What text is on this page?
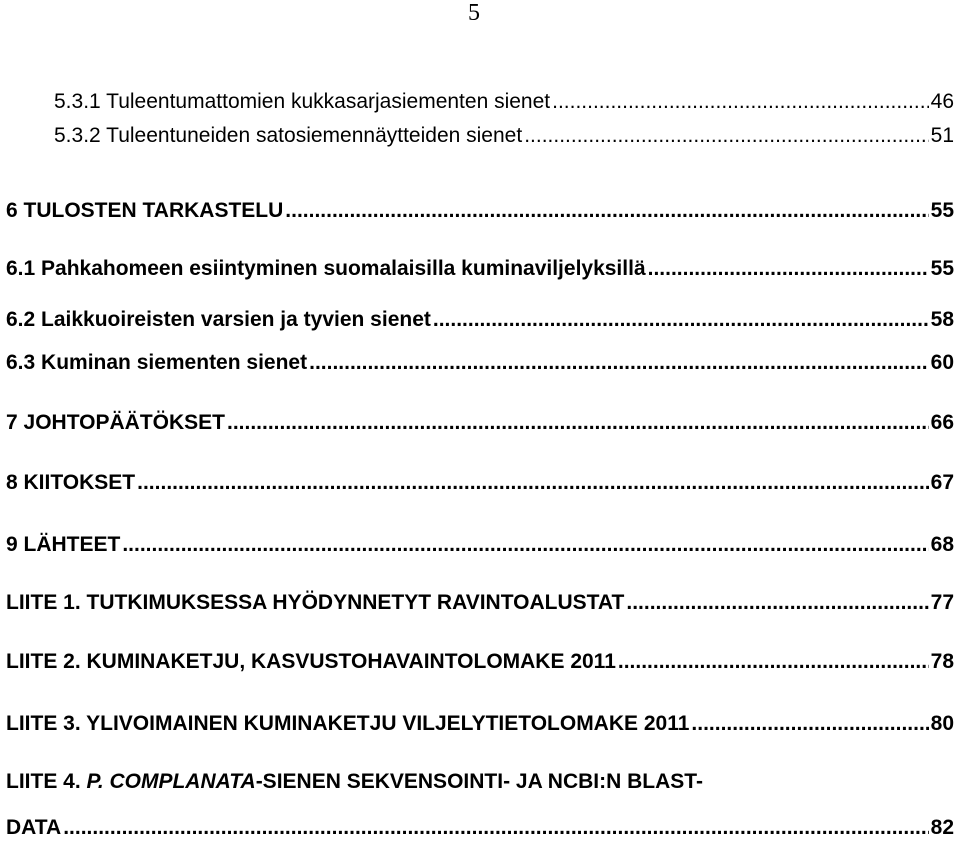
5
5.3.1 Tuleentumattomien kukkasarjasiementen sienet .....	46
5.3.2 Tuleentuneiden satosiemennäytteiden sienet .....	51
6 TULOSTEN TARKASTELU .....	55
6.1 Pahkahomeen esiintyminen suomalaisilla kuminaviljelyksillä .....	55
6.2 Laikkuoireisten varsien ja tyvien sienet .....	58
6.3 Kuminan siementen sienet .....	60
7 JOHTOPÄÄTÖKSET .....	66
8 KIITOKSET .....	67
9 LÄHTEET .....	68
LIITE 1. TUTKIMUKSESSA HYÖDYNNETYT RAVINTOALUSTAT .....	77
LIITE 2. KUMINAKETJU, KASVUSTOHAVAINTOLOMAKE 2011 .....	78
LIITE 3. YLIVOIMAINEN KUMINAKETJU VILJELYTIETOLOMAKE 2011 .....	80
LIITE 4. P. COMPLANATA-SIENEN SEKVENSOINTI- JA NCBI:N BLAST-
DATA .....	82
